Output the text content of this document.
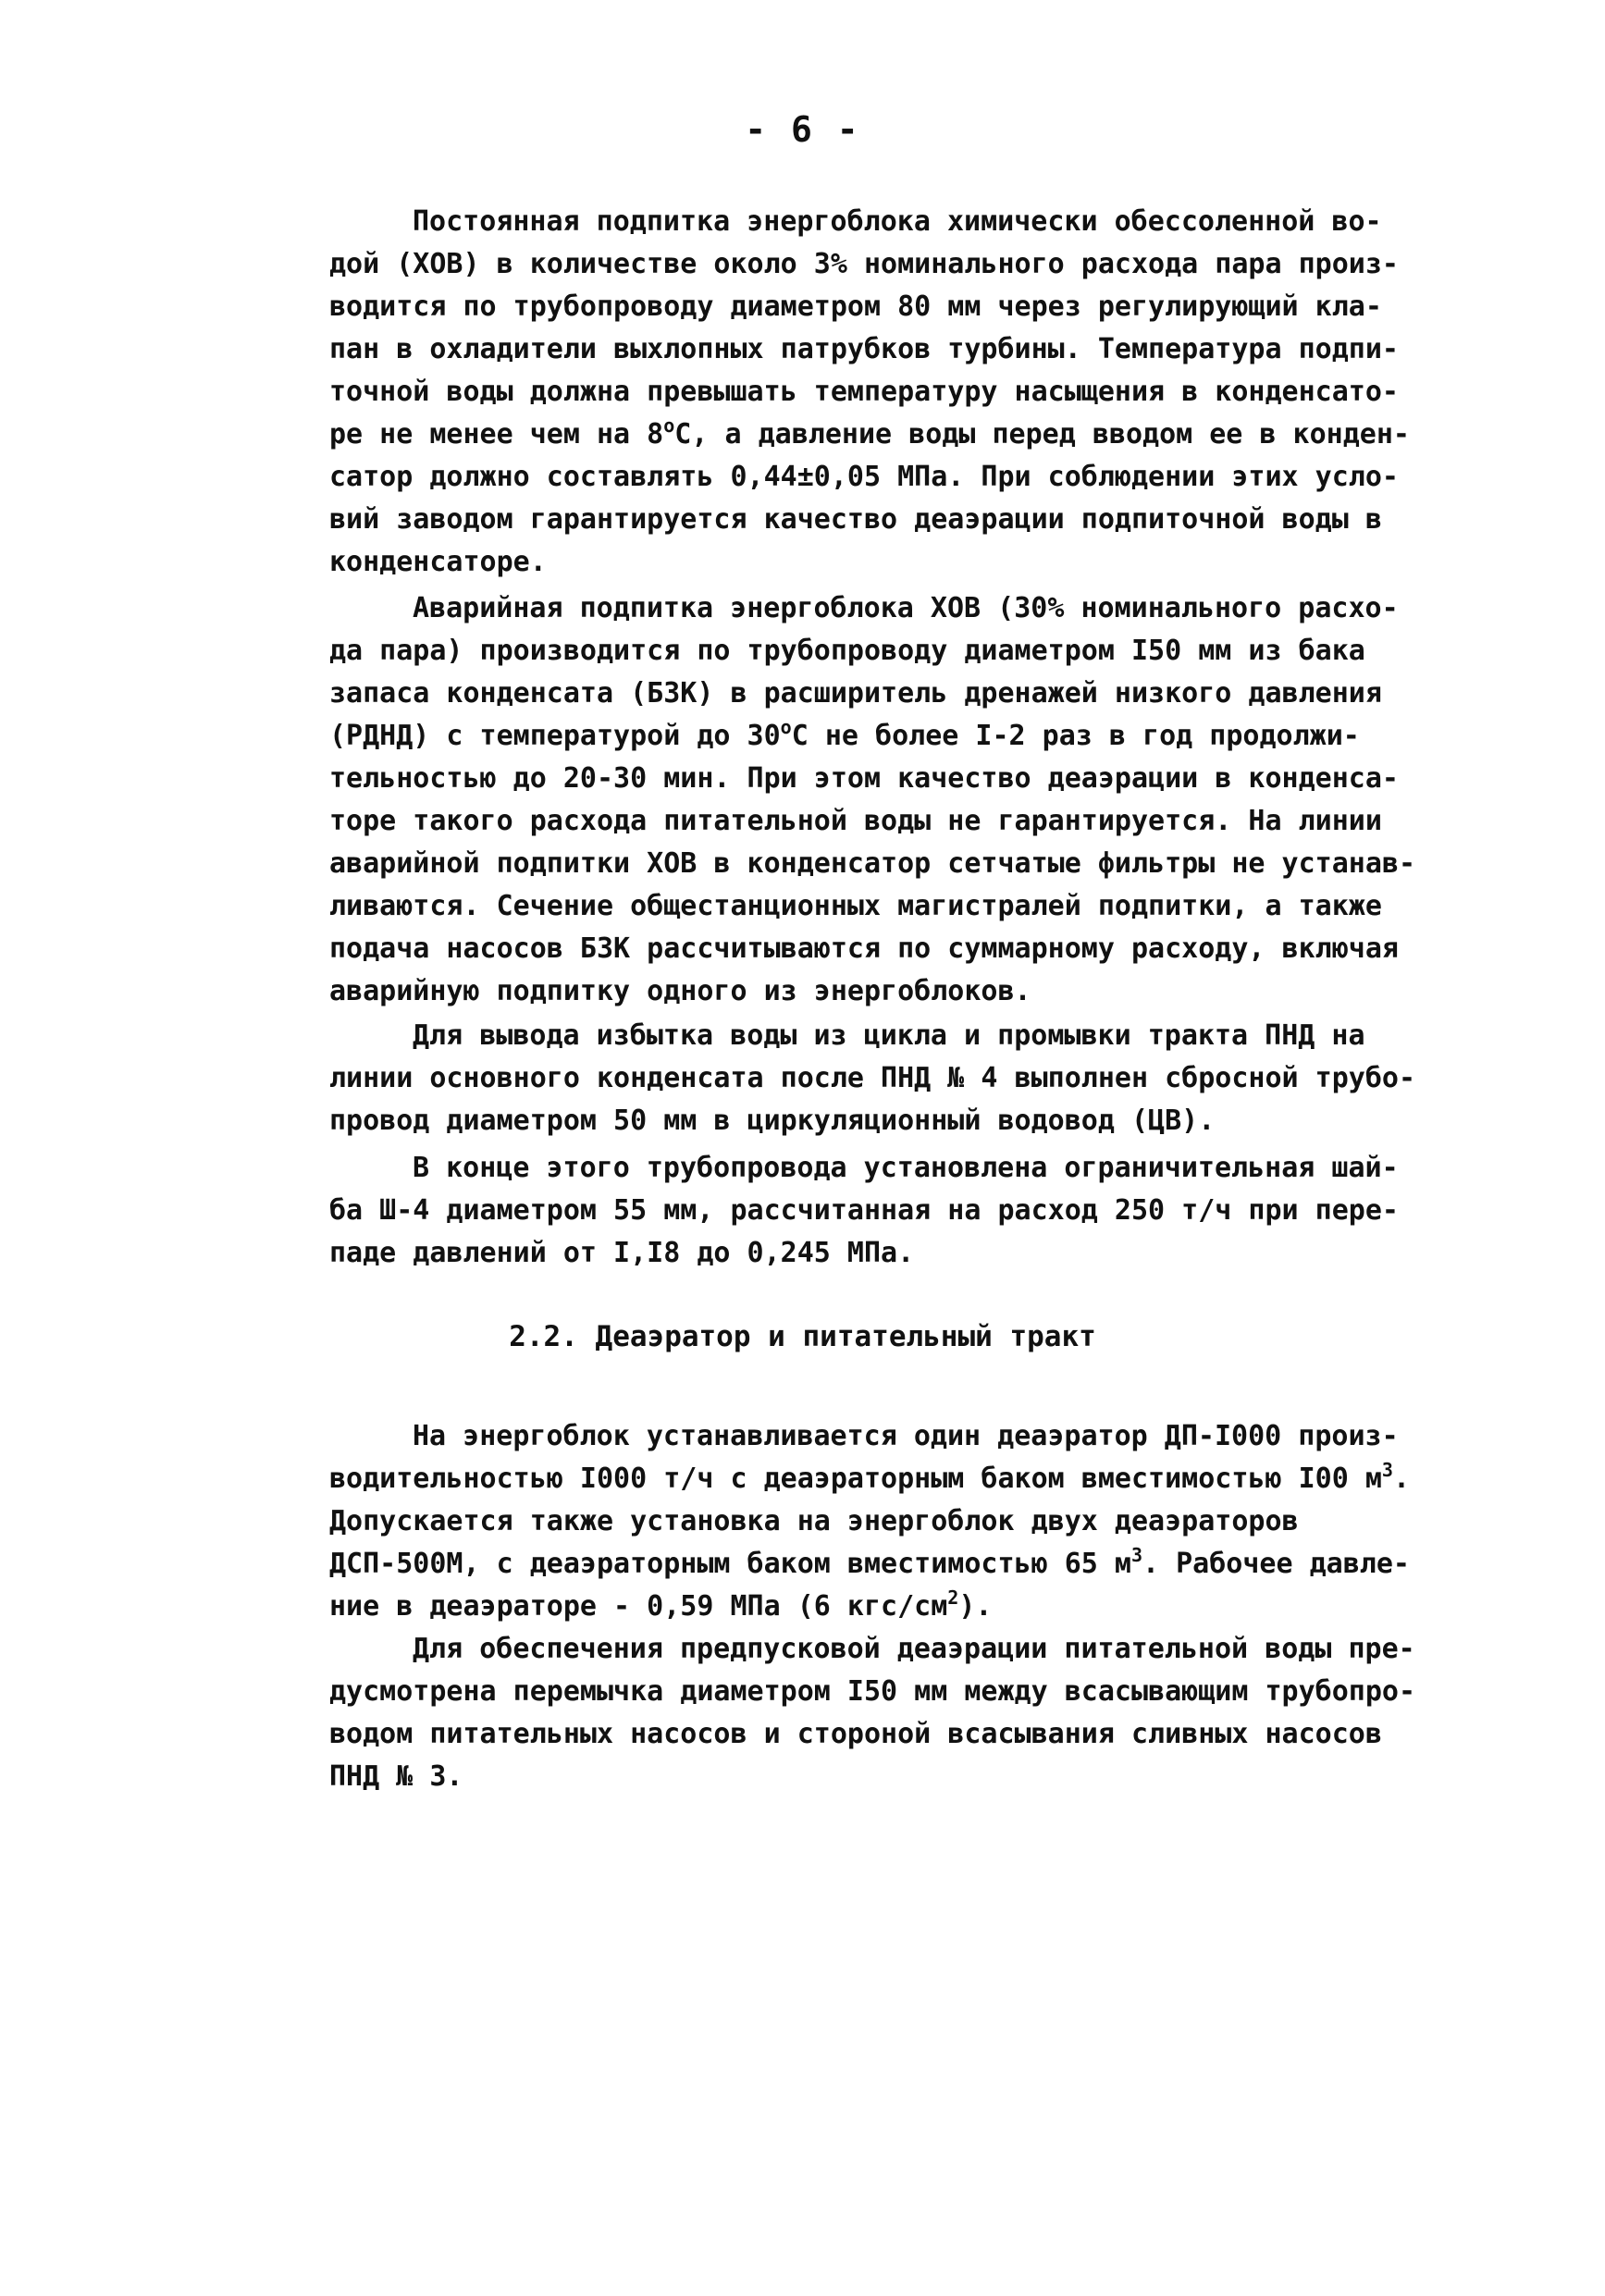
- 6 -
Постоянная подпитка энергоблока химически обессоленной во-
дой (ХОВ) в количестве около 3% номинального расхода пара произ-
водится по трубопроводу диаметром 80 мм через регулирующий кла-
пан в охладители выхлопных патрубков турбины. Температура подпи-
точной воды должна превышать температуру насыщения в конденсато-
ре не менее чем на $8^оС$, а давление воды перед вводом ее в конден-
сатор должно составлять 0,44±0,05 МПа. При соблюдении этих усло-
вий заводом гарантируется качество деаэрации подпиточной воды в
конденсаторе.
Аварийная подпитка энергоблока ХОВ (30% номинального расхо-
да пара) производится по трубопроводу диаметром I50 мм из бака
запаса конденсата (БЗК) в расширитель дренажей низкого давления
(РДНД) с температурой до $30^оС$ не более I-2 раз в год продолжи-
тельностью до 20-30 мин. При этом качество деаэрации в конденса-
торе такого расхода питательной воды не гарантируется. На линии
аварийной подпитки ХОВ в конденсатор сетчатые фильтры не устанав-
ливаются. Сечение общестанционных магистралей подпитки, а также
подача насосов БЗК рассчитываются по суммарному расходу, включая
аварийную подпитку одного из энергоблоков.
Для вывода избытка воды из цикла и промывки тракта ПНД на
линии основного конденсата после ПНД № 4 выполнен сбросной трубо-
провод диаметром 50 мм в циркуляционный водовод (ЦВ).
В конце этого трубопровода установлена ограничительная шай-
ба Ш-4 диаметром 55 мм, рассчитанная на расход 250 т/ч при пере-
паде давлений от I,I8 до 0,245 МПа.
На энергоблок устанавливается один деаэратор ДП-I000 произ-
водительностью I000 т/ч с деаэраторным баком вместимостью I00 $м^3$.
Допускается также установка на энергоблок двух деаэраторов
ДСП-500М, с деаэраторным баком вместимостью 65 $м^3$. Рабочее давле-
ние в деаэраторе - 0,59 МПа (6 кгс/$см^2$).
Для обеспечения предпусковой деаэрации питательной воды пре-
дусмотрена перемычка диаметром I50 мм между всасывающим трубопро-
водом питательных насосов и стороной всасывания сливных насосов
ПНД № 3.
2.2. Деаэратор и питательный тракт
